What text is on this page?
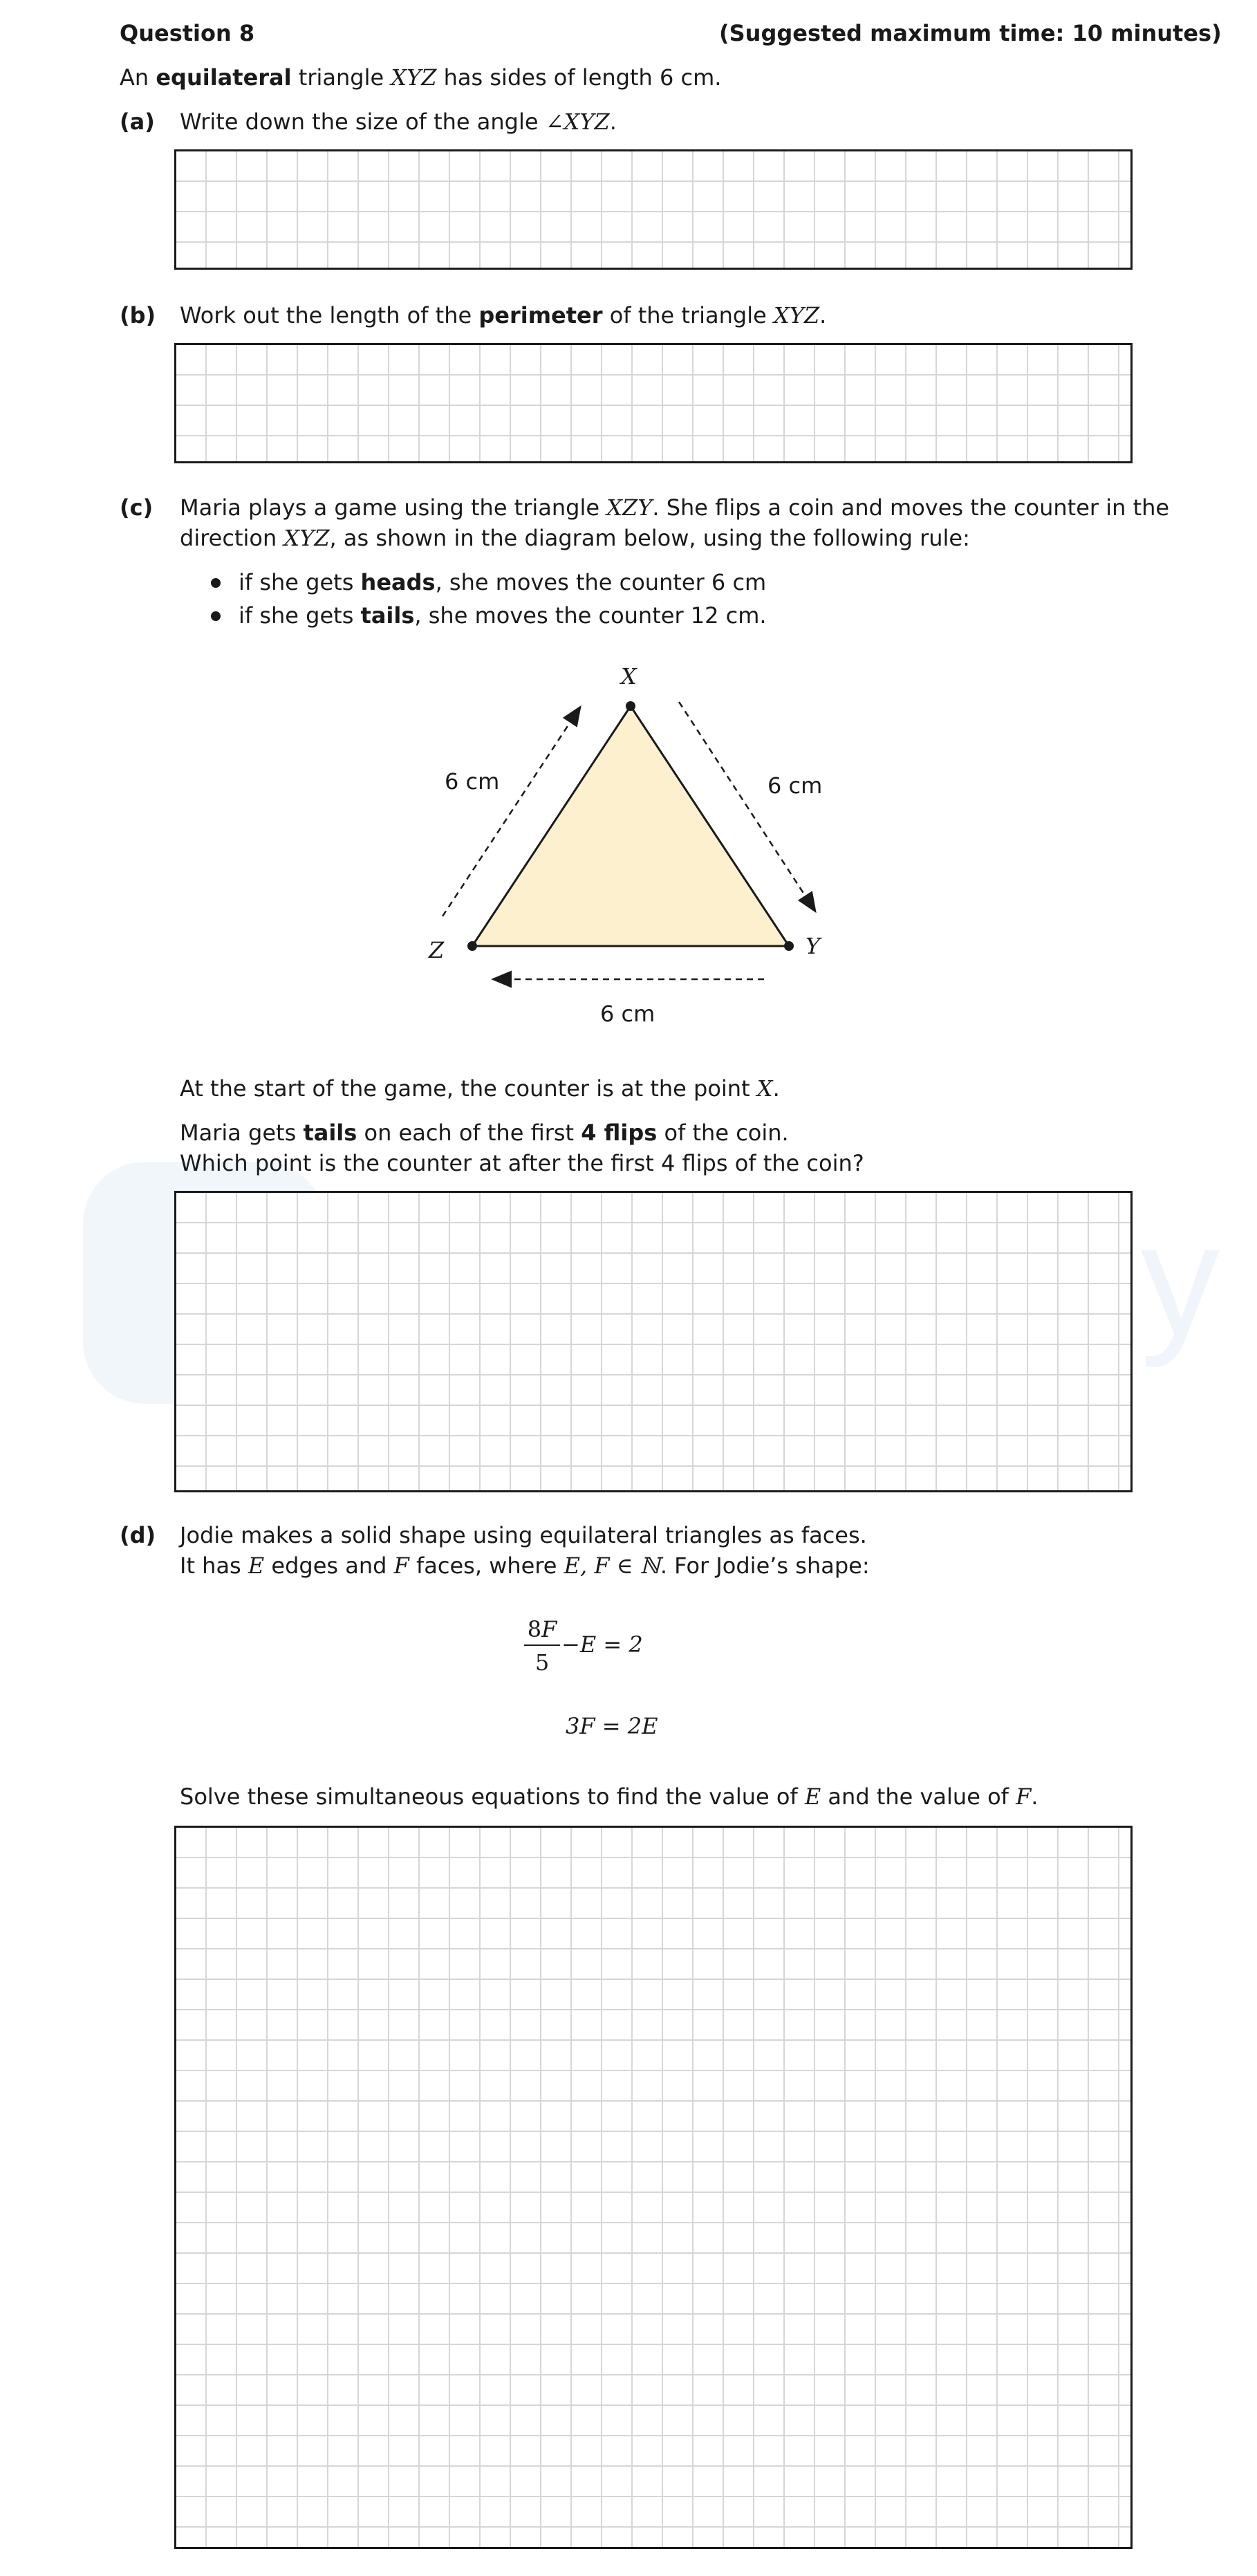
Question 8	(Suggested maximum time: 10 minutes)
An equilateral triangle XYZ has sides of length 6 cm.
(a) Write down the size of the angle ∠XYZ.
(b) Work out the length of the perimeter of the triangle XYZ.
(c) Maria plays a game using the triangle XZY. She flips a coin and moves the counter in the
direction XYZ, as shown in the diagram below, using the following rule:
if she gets heads, she moves the counter 6 cm
if she gets tails, she moves the counter 12 cm.
X
Y
Z
6 cm	6 cm
6 cm
At the start of the game, the counter is at the point X.
Maria gets tails on each of the first 4 flips of the coin.
Which point is the counter at after the first 4 flips of the coin?
(d) Jodie makes a solid shape using equilateral triangles as faces.
It has E edges and F faces, where E, F ∈ ℕ. For Jodie’s shape:
8F
5
−E = 2
3F = 2E
Solve these simultaneous equations to find the value of E and the value of F.
